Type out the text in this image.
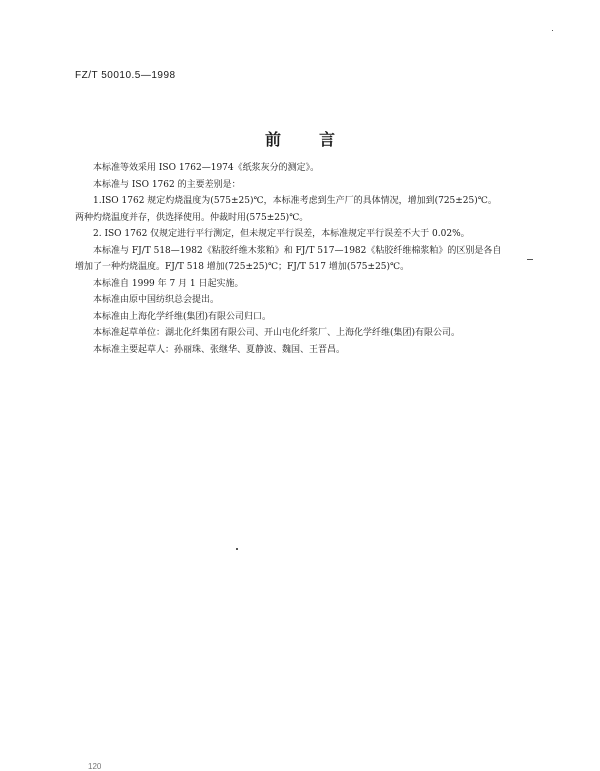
FZ/T 50010.5—1998
前言

本标准等效采用 ISO 1762—1974《纸浆灰分的测定》。

本标准与 ISO 1762 的主要差别是：

1.ISO 1762 规定灼烧温度为(575±25)℃，本标准考虑到生产厂的具体情况，增加到(725±25)℃。

两种灼烧温度并存，供选择使用。仲裁时用(575±25)℃。

2. ISO 1762 仅规定进行平行测定，但未规定平行误差，本标准规定平行误差不大于 0.02%。

本标准与 FJ/T 518—1982《粘胶纤维木浆粕》和 FJ/T 517—1982《粘胶纤维棉浆粕》的区别是各自

增加了一种灼烧温度。FJ/T 518 增加(725±25)℃；FJ/T 517 增加(575±25)℃。

本标准自 1999 年 7 月 1 日起实施。

本标准由原中国纺织总会提出。

本标准由上海化学纤维(集团)有限公司归口。

本标准起草单位：湖北化纤集团有限公司、开山屯化纤浆厂、上海化学纤维(集团)有限公司。

本标准主要起草人：孙丽珠、张继华、夏静波、魏国、王晋昌。

120
